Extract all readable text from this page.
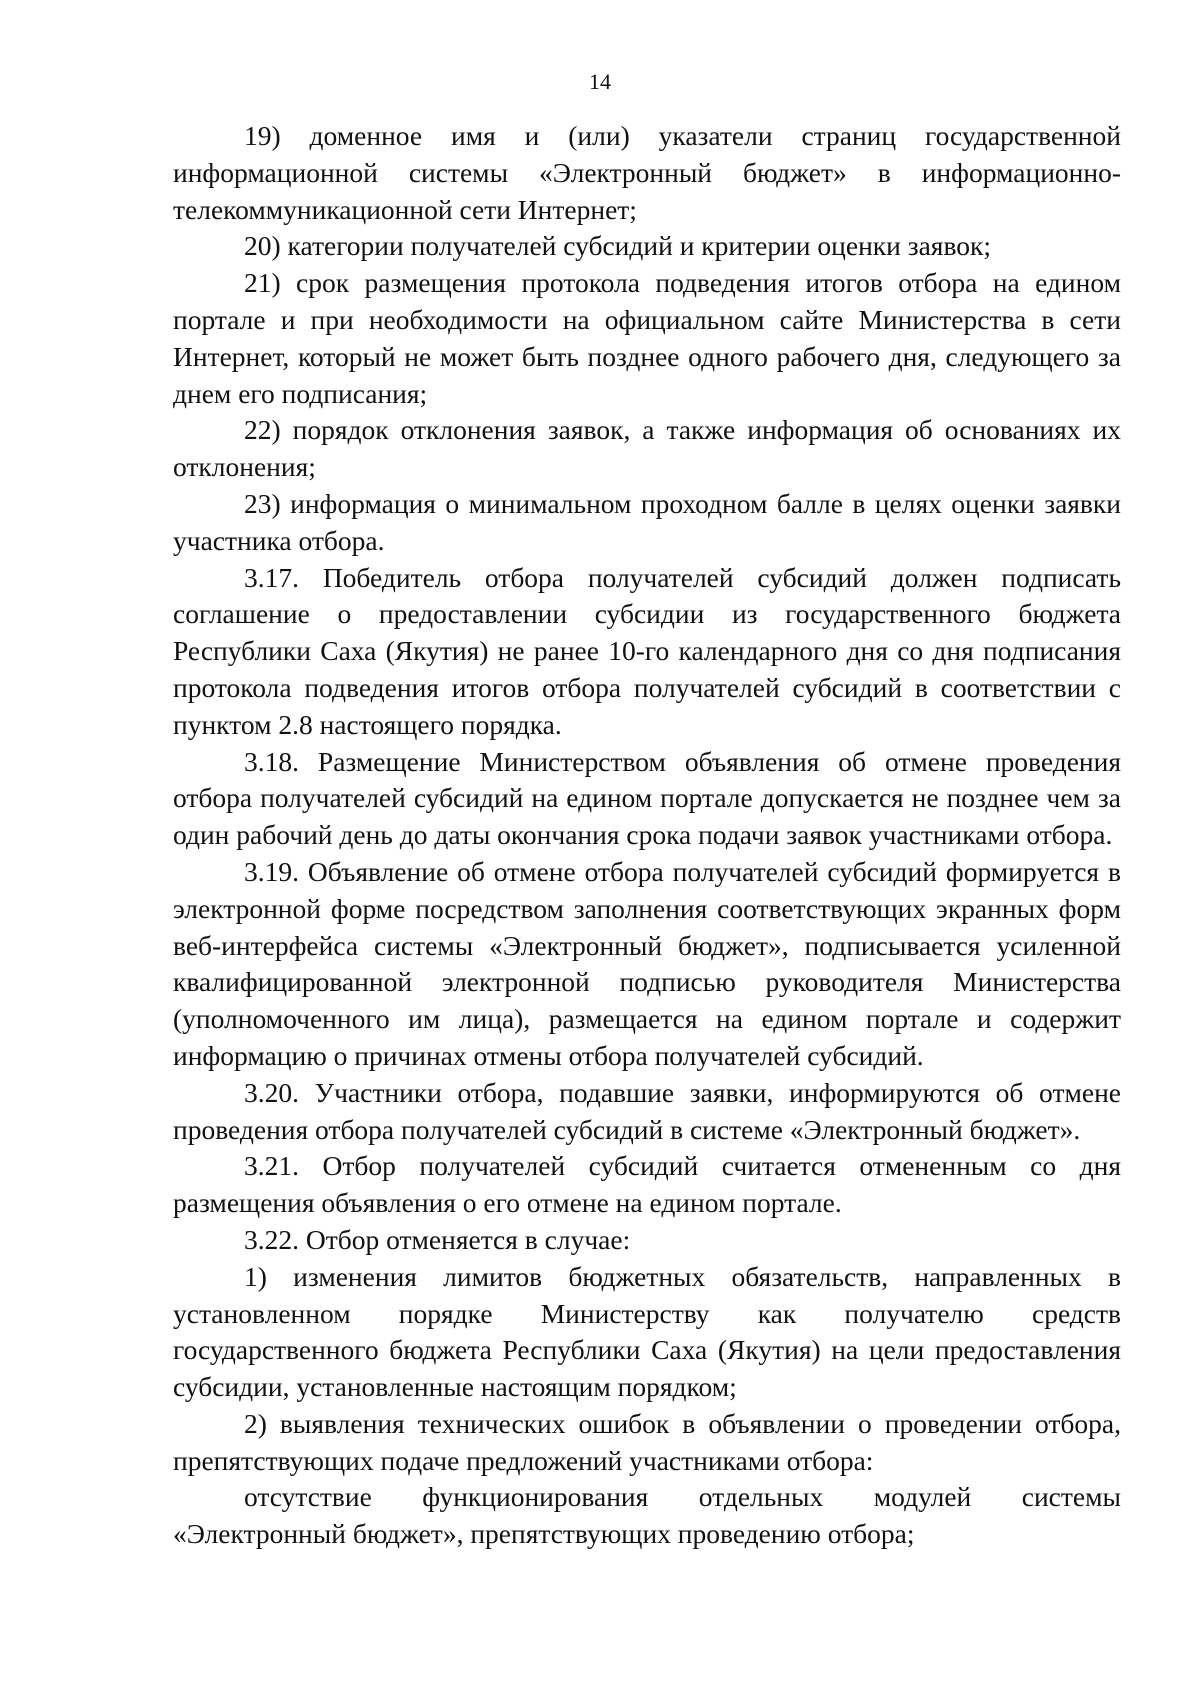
14

19) доменное имя и (или) указатели страниц государственной информационной системы «Электронный бюджет» в информационно-телекоммуникационной сети Интернет;

20) категории получателей субсидий и критерии оценки заявок;

21) срок размещения протокола подведения итогов отбора на едином портале и при необходимости на официальном сайте Министерства в сети Интернет, который не может быть позднее одного рабочего дня, следующего за днем его подписания;

22) порядок отклонения заявок, а также информация об основаниях их отклонения;

23) информация о минимальном проходном балле в целях оценки заявки участника отбора.

3.17. Победитель отбора получателей субсидий должен подписать соглашение о предоставлении субсидии из государственного бюджета Республики Саха (Якутия) не ранее 10-го календарного дня со дня подписания протокола подведения итогов отбора получателей субсидий в соответствии с пунктом 2.8 настоящего порядка.

3.18. Размещение Министерством объявления об отмене проведения отбора получателей субсидий на едином портале допускается не позднее чем за один рабочий день до даты окончания срока подачи заявок участниками отбора.

3.19. Объявление об отмене отбора получателей субсидий формируется в электронной форме посредством заполнения соответствующих экранных форм веб-интерфейса системы «Электронный бюджет», подписывается усиленной квалифицированной электронной подписью руководителя Министерства (уполномоченного им лица), размещается на едином портале и содержит информацию о причинах отмены отбора получателей субсидий.

3.20. Участники отбора, подавшие заявки, информируются об отмене проведения отбора получателей субсидий в системе «Электронный бюджет».

3.21. Отбор получателей субсидий считается отмененным со дня размещения объявления о его отмене на едином портале.

3.22. Отбор отменяется в случае:

1) изменения лимитов бюджетных обязательств, направленных в установленном порядке Министерству как получателю средств государственного бюджета Республики Саха (Якутия) на цели предоставления субсидии, установленные настоящим порядком;

2) выявления технических ошибок в объявлении о проведении отбора, препятствующих подаче предложений участниками отбора:

отсутствие функционирования отдельных модулей системы «Электронный бюджет», препятствующих проведению отбора;
